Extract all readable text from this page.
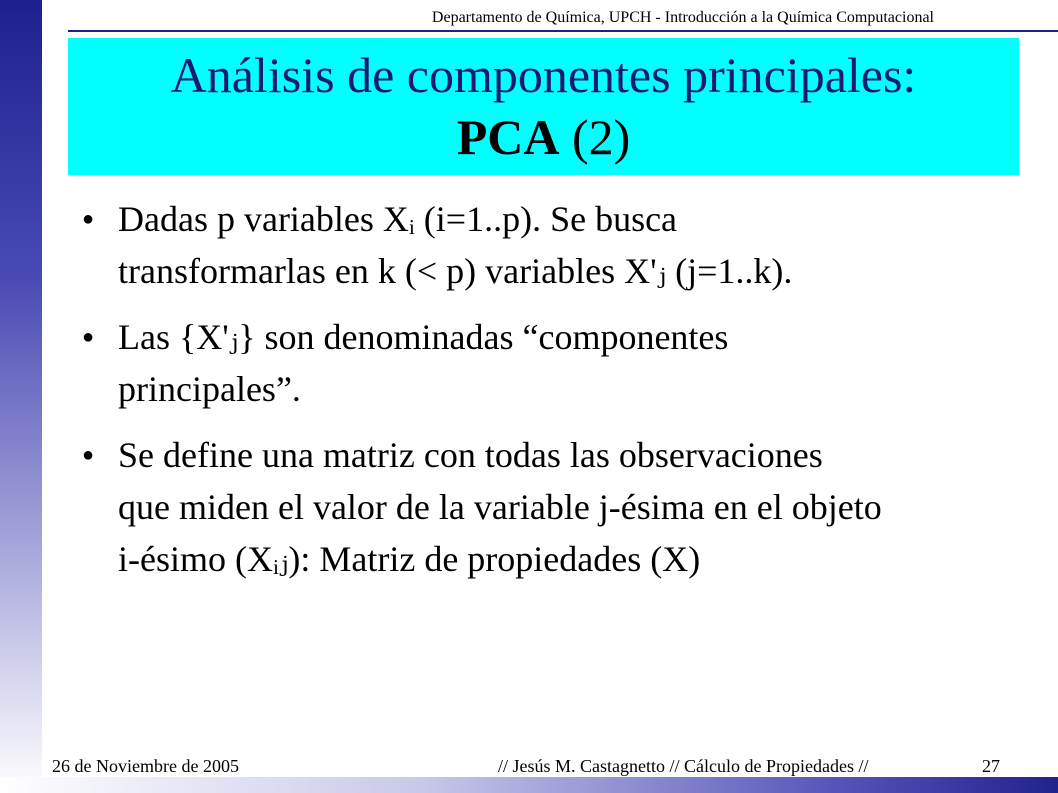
Departamento de Química, UPCH - Introducción a la Química Computacional
Análisis de componentes principales:
PCA (2)
● Dadas p variables Xᵢ (i=1..p). Se busca
transformarlas en k (< p) variables X'ⱼ (j=1..k).
● Las {X'ⱼ} son denominadas “componentes
principales”.
● Se define una matriz con todas las observaciones
que miden el valor de la variable j-ésima en el objeto
i-ésimo (Xᵢⱼ): Matriz de propiedades (X)
26 de Noviembre de 2005	// Jesús M. Castagnetto // Cálculo de Propiedades //	27
